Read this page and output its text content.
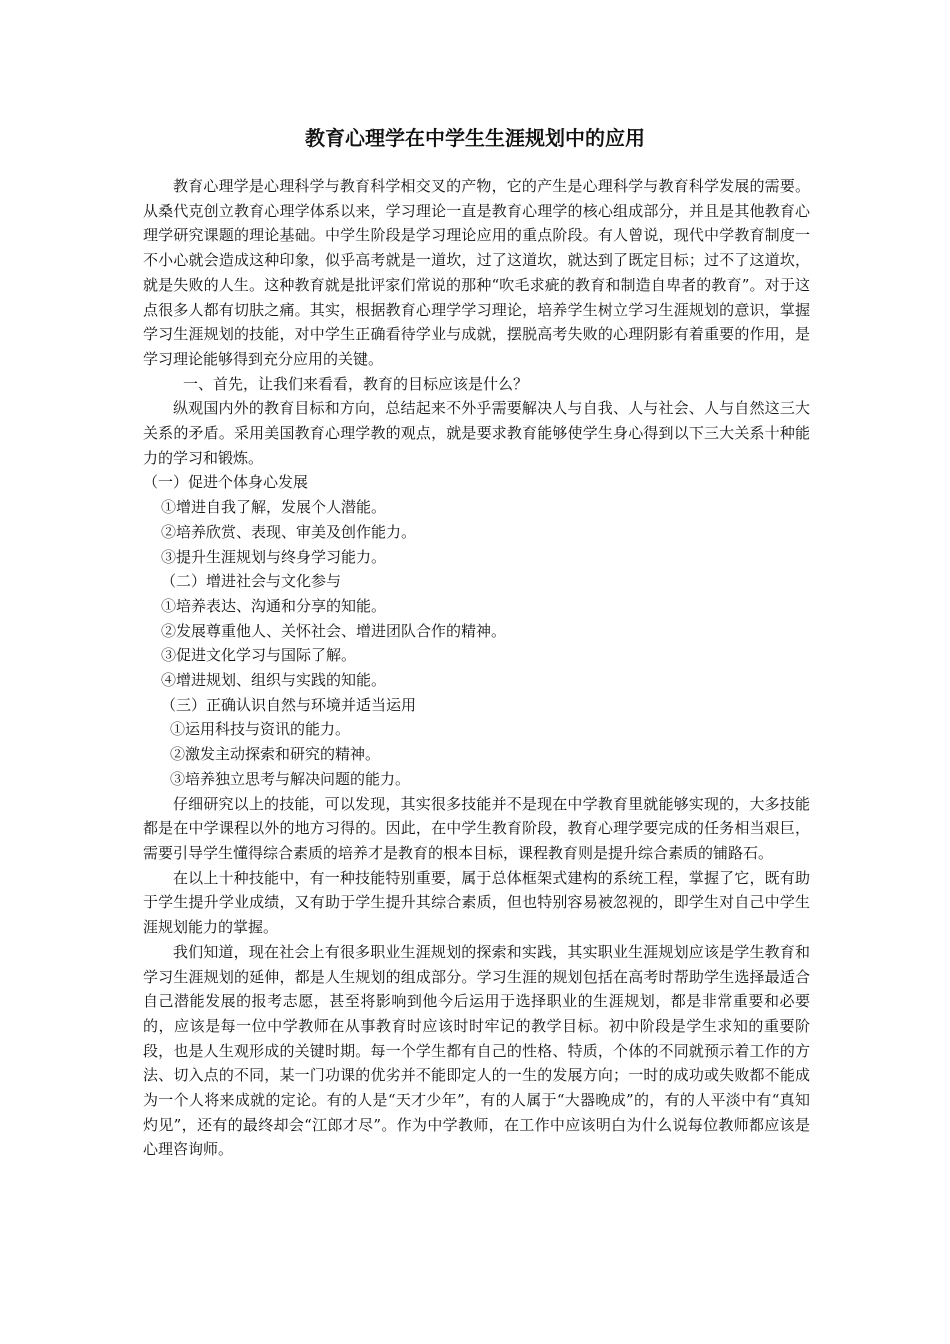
教育心理学在中学生生涯规划中的应用

教育心理学是心理科学与教育科学相交叉的产物，它的产生是心理科学与教育科学发展的需要。从桑代克创立教育心理学体系以来，学习理论一直是教育心理学的核心组成部分，并且是其他教育心理学研究课题的理论基础。中学生阶段是学习理论应用的重点阶段。有人曾说，现代中学教育制度一不小心就会造成这种印象，似乎高考就是一道坎，过了这道坎，就达到了既定目标；过不了这道坎，就是失败的人生。这种教育就是批评家们常说的那种“吹毛求疵的教育和制造自卑者的教育”。对于这点很多人都有切肤之痛。其实，根据教育心理学学习理论，培养学生树立学习生涯规划的意识，掌握学习生涯规划的技能，对中学生正确看待学业与成就，摆脱高考失败的心理阴影有着重要的作用，是学习理论能够得到充分应用的关键。

一、首先，让我们来看看，教育的目标应该是什么？

纵观国内外的教育目标和方向，总结起来不外乎需要解决人与自我、人与社会、人与自然这三大关系的矛盾。采用美国教育心理学教的观点，就是要求教育能够使学生身心得到以下三大关系十种能力的学习和锻炼。

（一）促进个体身心发展

①增进自我了解，发展个人潜能。

②培养欣赏、表现、审美及创作能力。

③提升生涯规划与终身学习能力。

（二）增进社会与文化参与

①培养表达、沟通和分享的知能。

②发展尊重他人、关怀社会、增进团队合作的精神。

③促进文化学习与国际了解。

④增进规划、组织与实践的知能。

（三）正确认识自然与环境并适当运用

①运用科技与资讯的能力。

②激发主动探索和研究的精神。

③培养独立思考与解决问题的能力。

仔细研究以上的技能，可以发现，其实很多技能并不是现在中学教育里就能够实现的，大多技能都是在中学课程以外的地方习得的。因此，在中学生教育阶段，教育心理学要完成的任务相当艰巨，需要引导学生懂得综合素质的培养才是教育的根本目标，课程教育则是提升综合素质的铺路石。

在以上十种技能中，有一种技能特别重要，属于总体框架式建构的系统工程，掌握了它，既有助于学生提升学业成绩，又有助于学生提升其综合素质，但也特别容易被忽视的，即学生对自己中学生涯规划能力的掌握。

我们知道，现在社会上有很多职业生涯规划的探索和实践，其实职业生涯规划应该是学生教育和学习生涯规划的延伸，都是人生规划的组成部分。学习生涯的规划包括在高考时帮助学生选择最适合自己潜能发展的报考志愿，甚至将影响到他今后运用于选择职业的生涯规划，都是非常重要和必要的，应该是每一位中学教师在从事教育时应该时时牢记的教学目标。初中阶段是学生求知的重要阶段，也是人生观形成的关键时期。每一个学生都有自己的性格、特质，个体的不同就预示着工作的方法、切入点的不同，某一门功课的优劣并不能即定人的一生的发展方向；一时的成功或失败都不能成为一个人将来成就的定论。有的人是“天才少年”，有的人属于“大器晚成”的，有的人平淡中有“真知灼见”，还有的最终却会“江郎才尽”。作为中学教师，在工作中应该明白为什么说每位教师都应该是心理咨询师。
